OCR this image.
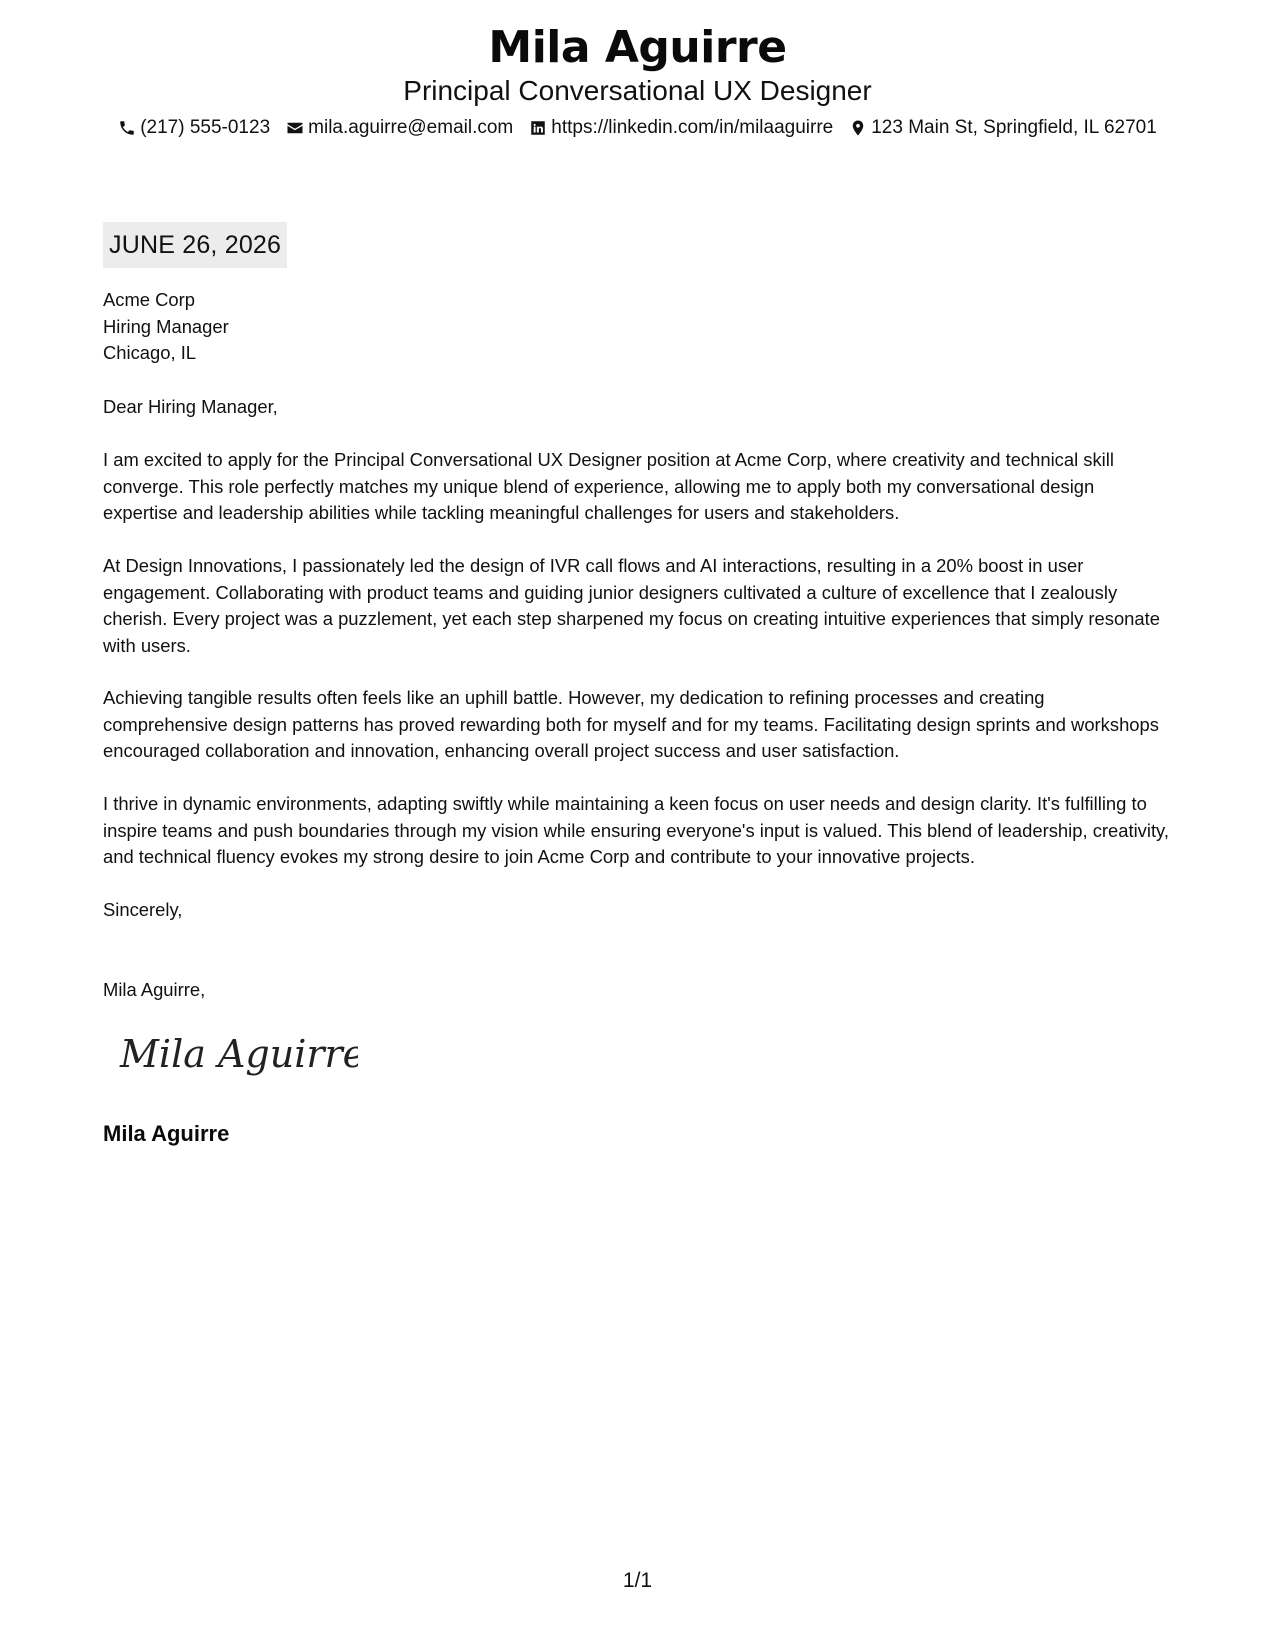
Mila Aguirre
Principal Conversational UX Designer
(217) 555-0123 mila.aguirre@email.com https://linkedin.com/in/milaaguirre 123 Main St, Springfield, IL 62701
JUNE 26, 2026
Acme Corp
Hiring Manager
Chicago, IL
Dear Hiring Manager,
I am excited to apply for the Principal Conversational UX Designer position at Acme Corp, where creativity and technical skill converge. This role perfectly matches my unique blend of experience, allowing me to apply both my conversational design expertise and leadership abilities while tackling meaningful challenges for users and stakeholders.
At Design Innovations, I passionately led the design of IVR call flows and AI interactions, resulting in a 20% boost in user engagement. Collaborating with product teams and guiding junior designers cultivated a culture of excellence that I zealously cherish. Every project was a puzzlement, yet each step sharpened my focus on creating intuitive experiences that simply resonate with users.
Achieving tangible results often feels like an uphill battle. However, my dedication to refining processes and creating comprehensive design patterns has proved rewarding both for myself and for my teams. Facilitating design sprints and workshops encouraged collaboration and innovation, enhancing overall project success and user satisfaction.
I thrive in dynamic environments, adapting swiftly while maintaining a keen focus on user needs and design clarity. It's fulfilling to inspire teams and push boundaries through my vision while ensuring everyone's input is valued. This blend of leadership, creativity, and technical fluency evokes my strong desire to join Acme Corp and contribute to your innovative projects.
Sincerely,
Mila Aguirre,
Mila Aguirre
Mila Aguirre
1/1
